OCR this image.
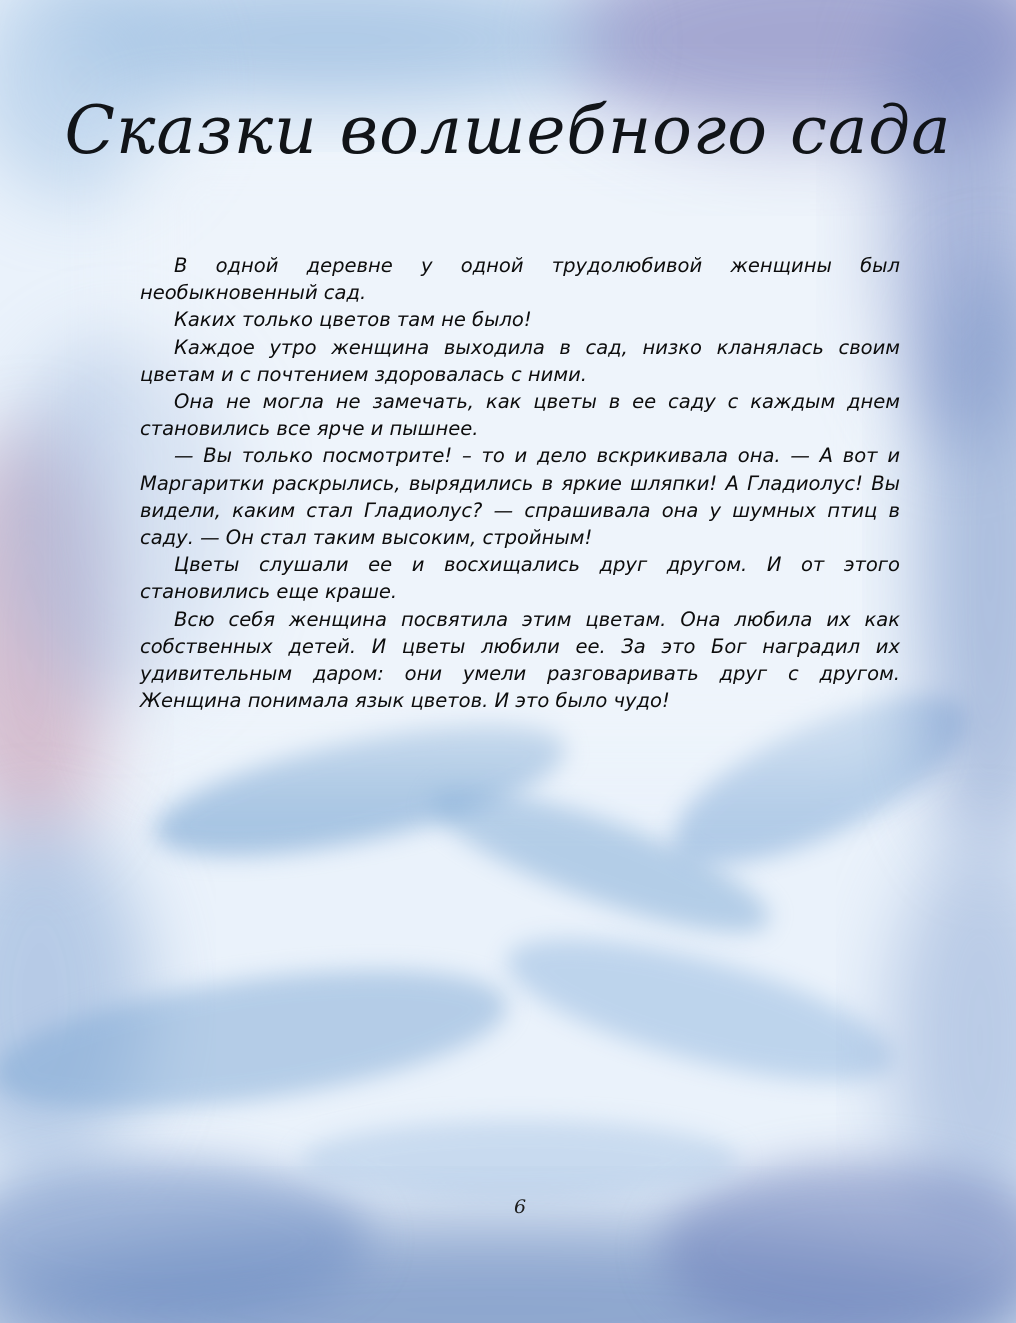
Сказки волшебного сада

В одной деревне у одной трудолюбивой женщины был необыкновенный сад.

Каких только цветов там не было!

Каждое утро женщина выходила в сад, низко кланялась своим цветам и с почтением здоровалась с ними.

Она не могла не замечать, как цветы в ее саду с каждым днем становились все ярче и пышнее.

— Вы только посмотрите! – то и дело вскрикивала она. — А вот и Маргаритки раскрылись, вырядились в яркие шляпки! А Гладиолус! Вы видели, каким стал Гладиолус? — спрашивала она у шумных птиц в саду. — Он стал таким высоким, стройным!

Цветы слушали ее и восхищались друг другом. И от этого становились еще краше.

Всю себя женщина посвятила этим цветам. Она любила их как собственных детей. И цветы любили ее. За это Бог наградил их удивительным даром: они умели разговаривать друг с другом. Женщина понимала язык цветов. И это было чудо!

6
